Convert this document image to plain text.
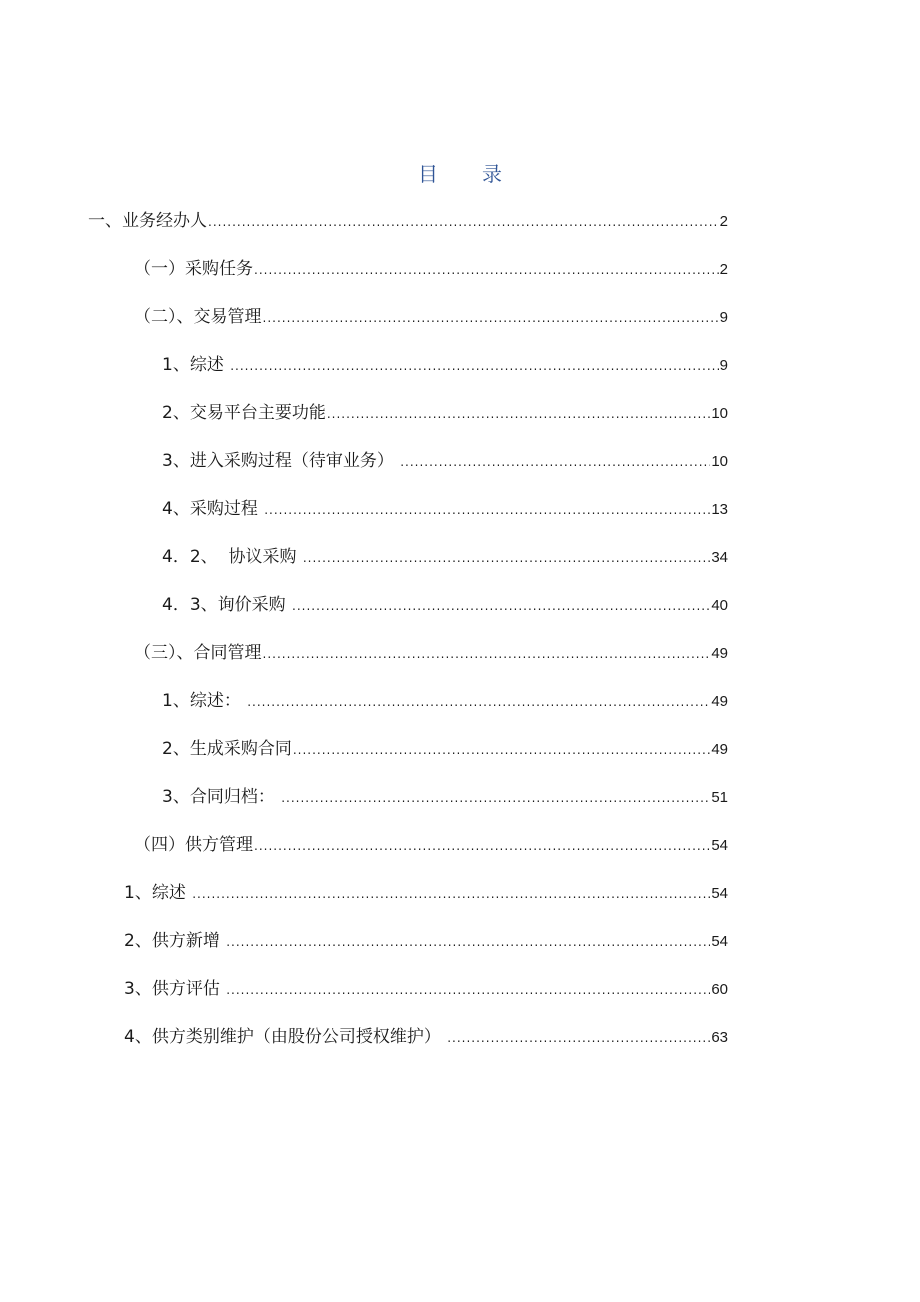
目 录
一、业务经办人 .....	2
（一）采购任务 .....	2
（二）、交易管理 .....	9
1、综述 .....	9
2、交易平台主要功能 .....	10
3、进入采购过程（待审业务） .....	10
4、采购过程 .....	13
4．2、  协议采购 .....	34
4．3、询价采购 .....	40
（三）、合同管理 .....	49
1、综述： .....	49
2、生成采购合同 .....	49
3、合同归档： .....	51
（四）供方管理 .....	54
1、综述 .....	54
2、供方新增 .....	54
3、供方评估 .....	60
4、供方类别维护（由股份公司授权维护） .....	63
